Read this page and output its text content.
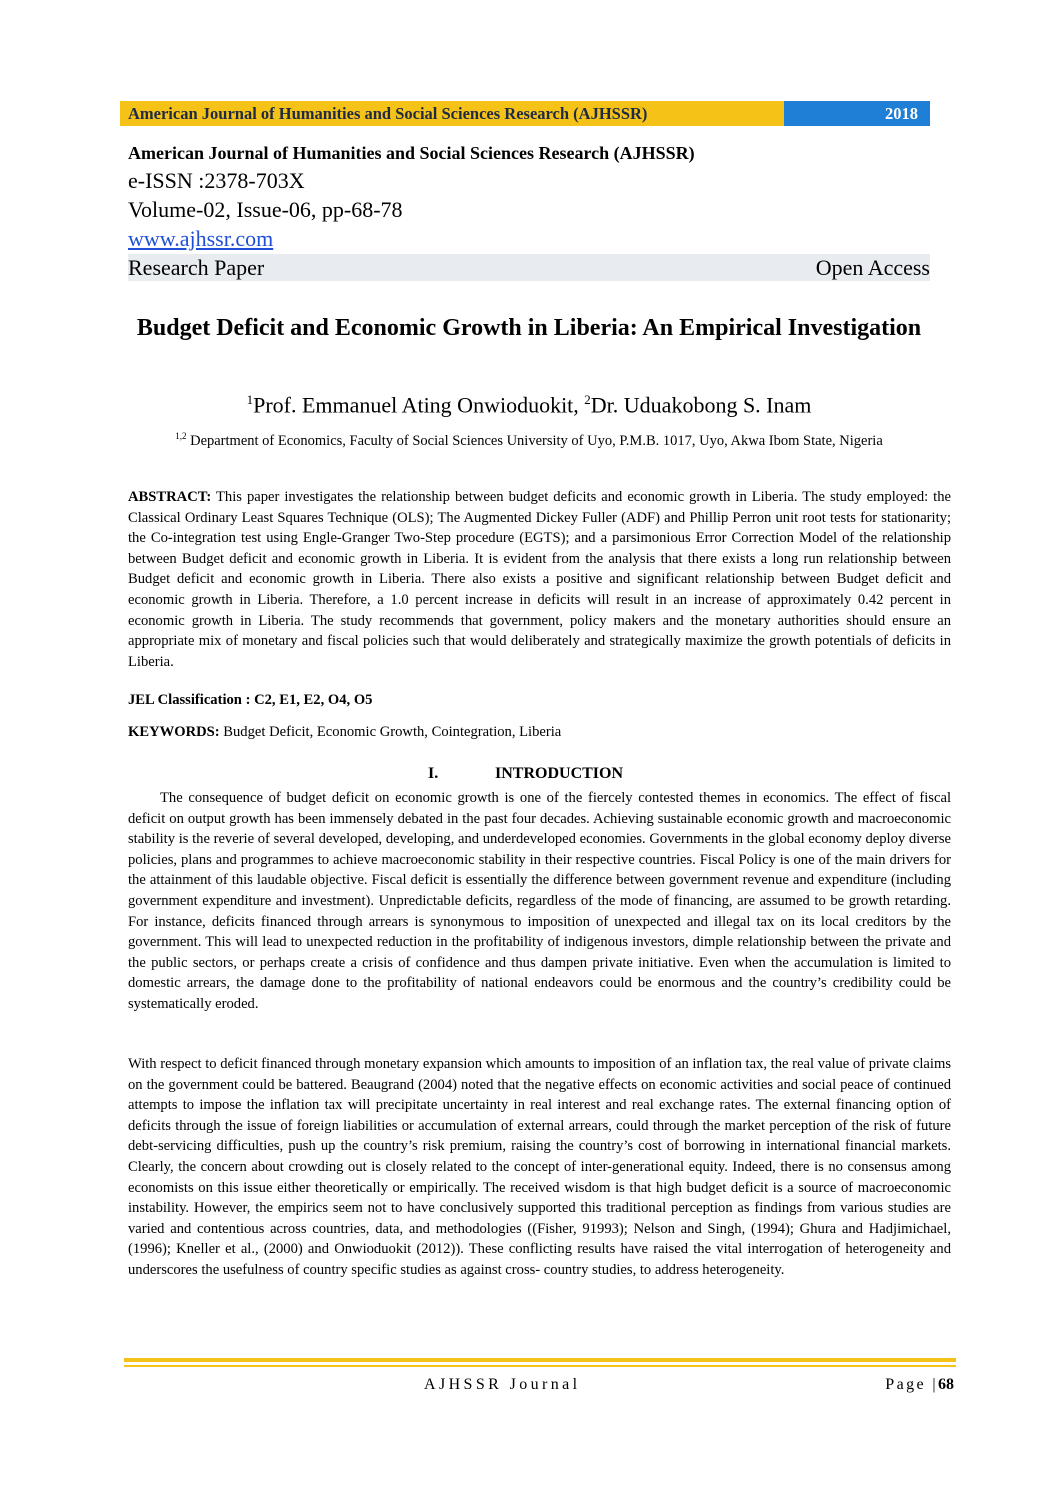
American Journal of Humanities and Social Sciences Research (AJHSSR)	2018
American Journal of Humanities and Social Sciences Research (AJHSSR)
e-ISSN :2378-703X
Volume-02, Issue-06, pp-68-78
www.ajhssr.com
Research Paper	Open Access
Budget Deficit and Economic Growth in Liberia: An Empirical Investigation
$^1$Prof. Emmanuel Ating Onwioduokit, $^2$Dr. Uduakobong S. Inam
$^{1,2}$ Department of Economics, Faculty of Social Sciences University of Uyo, P.M.B. 1017, Uyo, Akwa Ibom State, Nigeria

ABSTRACT: This paper investigates the relationship between budget deficits and economic growth in Liberia. The study employed: the Classical Ordinary Least Squares Technique (OLS); The Augmented Dickey Fuller (ADF) and Phillip Perron unit root tests for stationarity; the Co-integration test using Engle-Granger Two-Step procedure (EGTS); and a parsimonious Error Correction Model of the relationship between Budget deficit and economic growth in Liberia. It is evident from the analysis that there exists a long run relationship between Budget deficit and economic growth in Liberia. There also exists a positive and significant relationship between Budget deficit and economic growth in Liberia. Therefore, a 1.0 percent increase in deficits will result in an increase of approximately 0.42 percent in economic growth in Liberia. The study recommends that government, policy makers and the monetary authorities should ensure an appropriate mix of monetary and fiscal policies such that would deliberately and strategically maximize the growth potentials of deficits in Liberia.

JEL Classification : C2, E1, E2, O4, O5
KEYWORDS: Budget Deficit, Economic Growth, Cointegration, Liberia
I.	INTRODUCTION

The consequence of budget deficit on economic growth is one of the fiercely contested themes in economics. The effect of fiscal deficit on output growth has been immensely debated in the past four decades. Achieving sustainable economic growth and macroeconomic stability is the reverie of several developed, developing, and underdeveloped economies. Governments in the global economy deploy diverse policies, plans and programmes to achieve macroeconomic stability in their respective countries. Fiscal Policy is one of the main drivers for the attainment of this laudable objective. Fiscal deficit is essentially the difference between government revenue and expenditure (including government expenditure and investment). Unpredictable deficits, regardless of the mode of financing, are assumed to be growth retarding. For instance, deficits financed through arrears is synonymous to imposition of unexpected and illegal tax on its local creditors by the government. This will lead to unexpected reduction in the profitability of indigenous investors, dimple relationship between the private and the public sectors, or perhaps create a crisis of confidence and thus dampen private initiative. Even when the accumulation is limited to domestic arrears, the damage done to the profitability of national endeavors could be enormous and the country’s credibility could be systematically eroded.

With respect to deficit financed through monetary expansion which amounts to imposition of an inflation tax, the real value of private claims on the government could be battered. Beaugrand (2004) noted that the negative effects on economic activities and social peace of continued attempts to impose the inflation tax will precipitate uncertainty in real interest and real exchange rates. The external financing option of deficits through the issue of foreign liabilities or accumulation of external arrears, could through the market perception of the risk of future debt-servicing difficulties, push up the country’s risk premium, raising the country’s cost of borrowing in international financial markets. Clearly, the concern about crowding out is closely related to the concept of inter-generational equity. Indeed, there is no consensus among economists on this issue either theoretically or empirically. The received wisdom is that high budget deficit is a source of macroeconomic instability. However, the empirics seem not to have conclusively supported this traditional perception as findings from various studies are varied and contentious across countries, data, and methodologies ((Fisher, 91993); Nelson and Singh, (1994); Ghura and Hadjimichael, (1996); Kneller et al., (2000) and Onwioduokit (2012)). These conflicting results have raised the vital interrogation of heterogeneity and underscores the usefulness of country specific studies as against cross- country studies, to address heterogeneity.

AJHSSR Journal	Page |68
